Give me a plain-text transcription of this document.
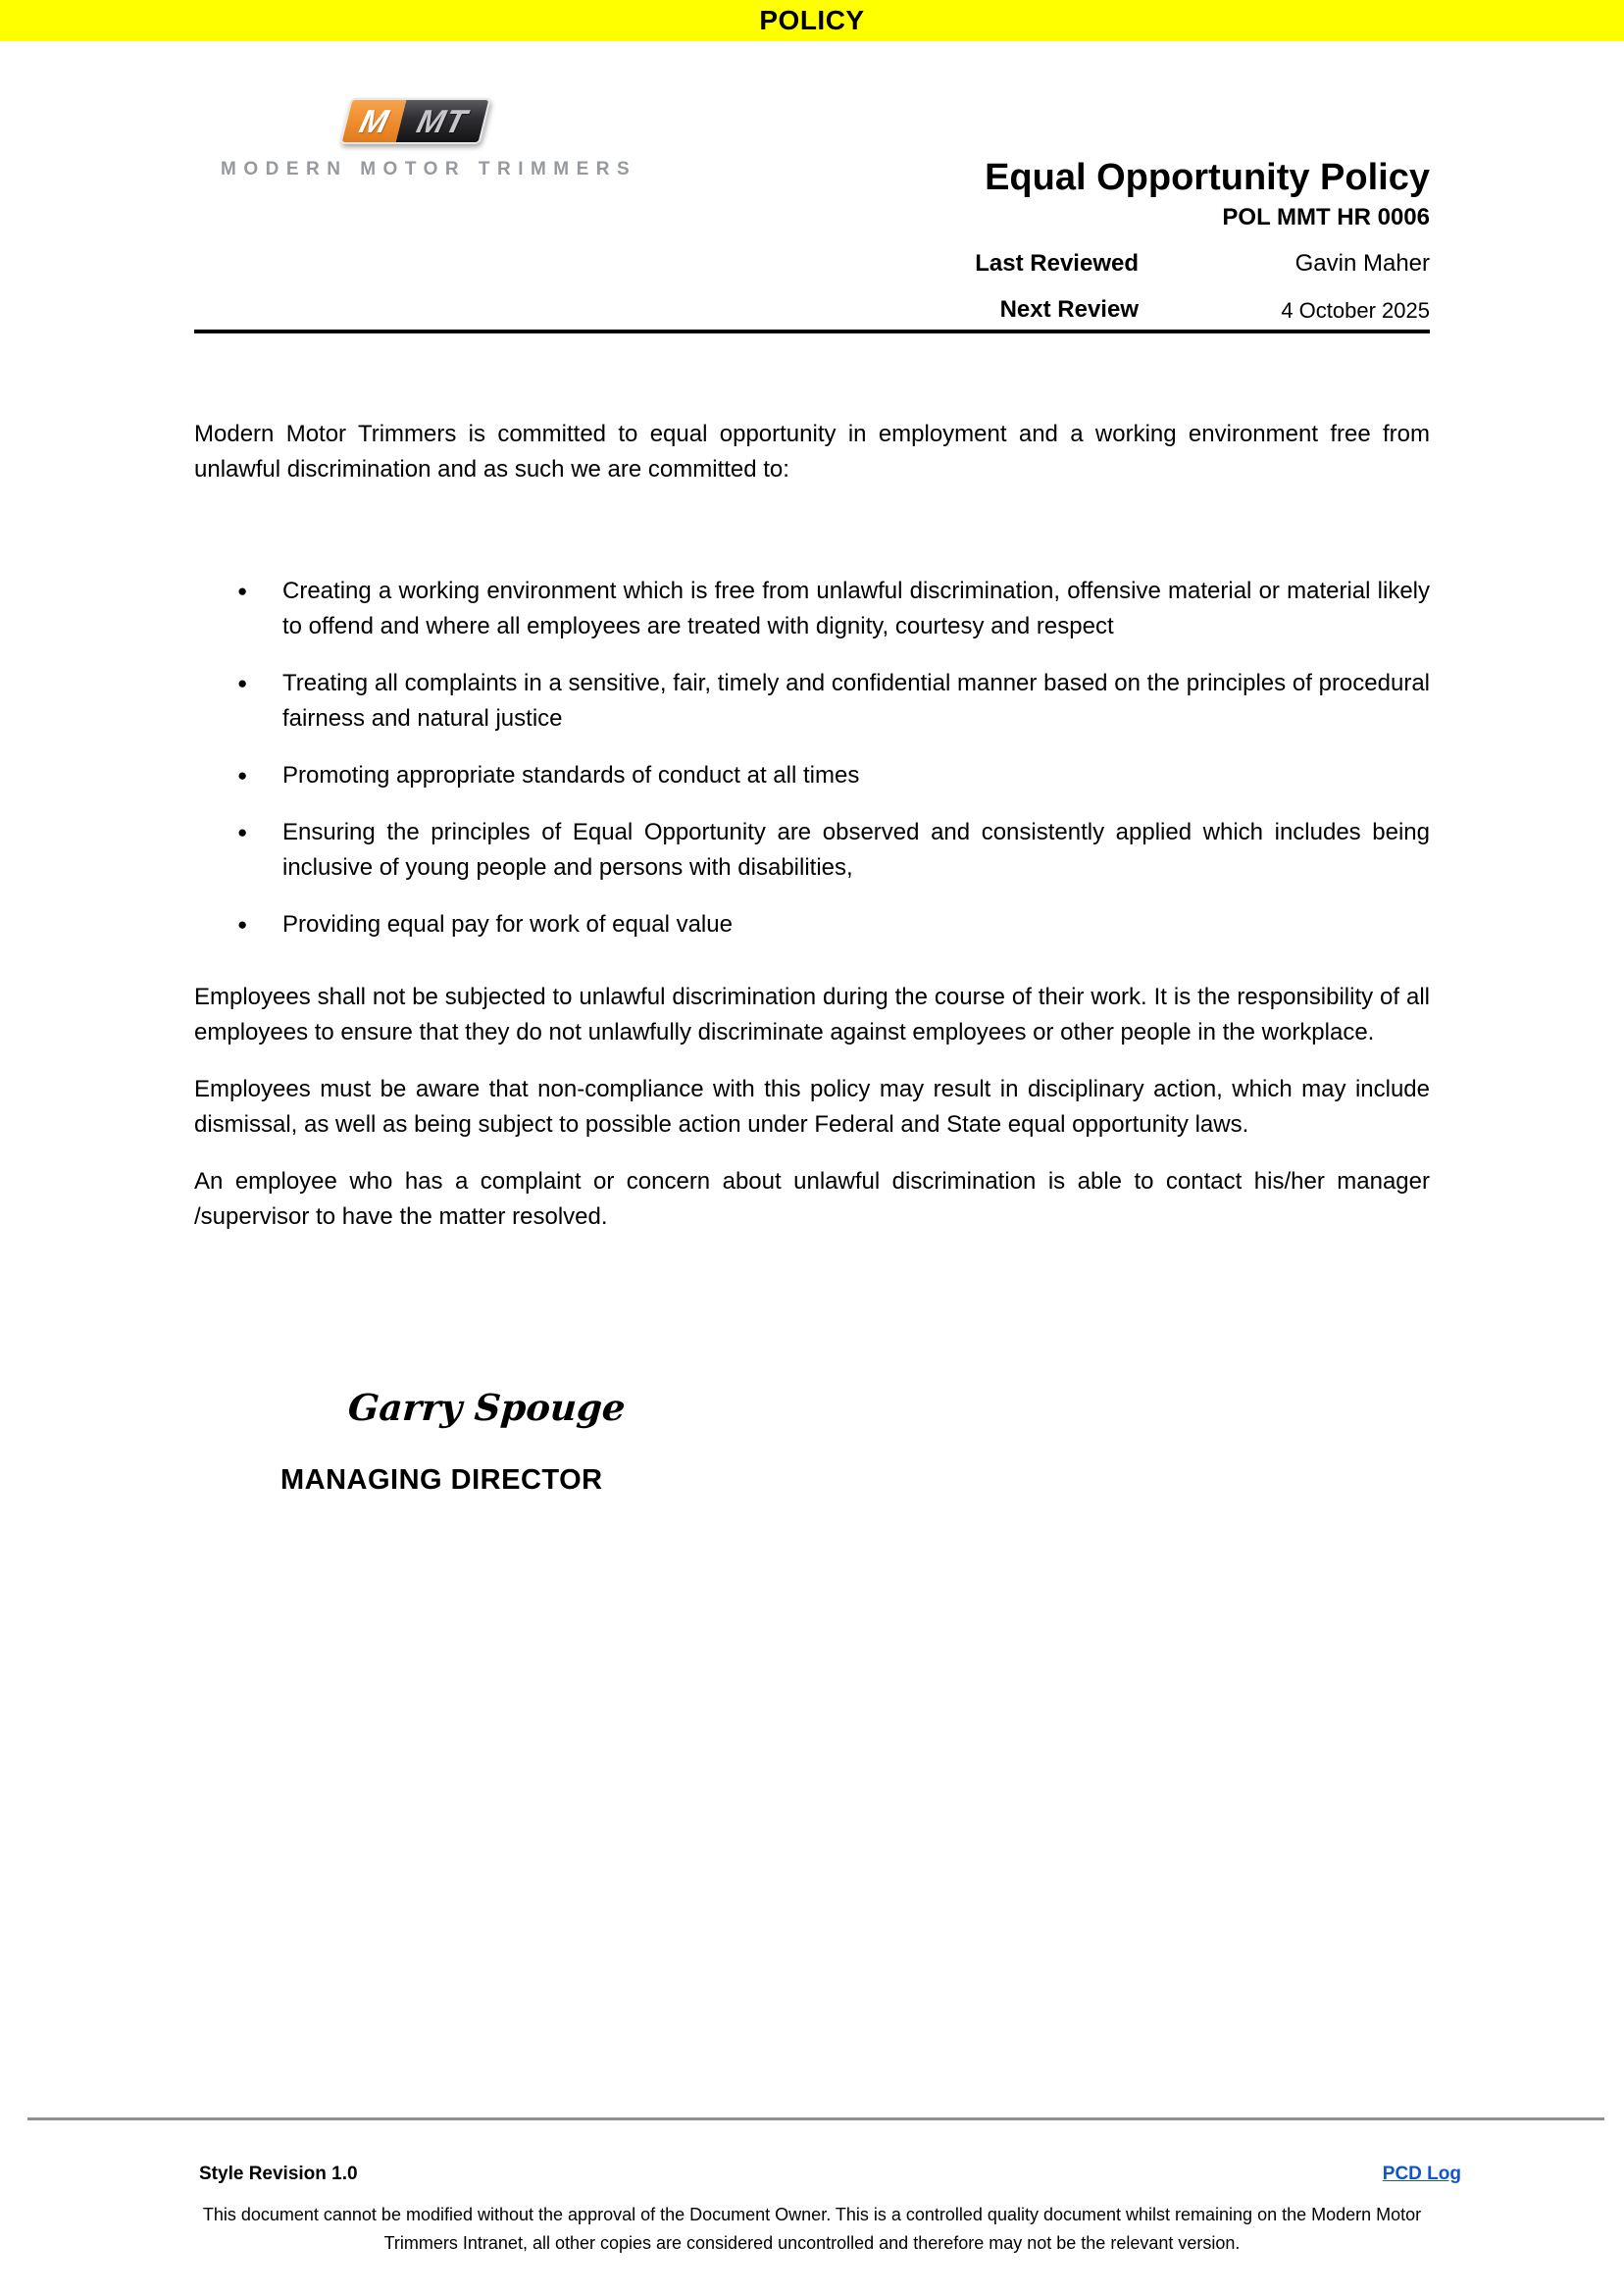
POLICY
M MT
MODERN MOTOR TRIMMERS	Equal Opportunity Policy
POL MMT HR 0006
Last Reviewed	Gavin Maher
Next Review	4 October 2025

Modern Motor Trimmers is committed to equal opportunity in employment and a working environment free from unlawful discrimination and as such we are committed to:

● Creating a working environment which is free from unlawful discrimination, offensive material or material likely to offend and where all employees are treated with dignity, courtesy and respect
● Treating all complaints in a sensitive, fair, timely and confidential manner based on the principles of procedural fairness and natural justice
● Promoting appropriate standards of conduct at all times
● Ensuring the principles of Equal Opportunity are observed and consistently applied which includes being inclusive of young people and persons with disabilities,
● Providing equal pay for work of equal value

Employees shall not be subjected to unlawful discrimination during the course of their work. It is the responsibility of all employees to ensure that they do not unlawfully discriminate against employees or other people in the workplace.

Employees must be aware that non-compliance with this policy may result in disciplinary action, which may include dismissal, as well as being subject to possible action under Federal and State equal opportunity laws.

An employee who has a complaint or concern about unlawful discrimination is able to contact his/her manager /supervisor to have the matter resolved.

Garry Spouge
MANAGING DIRECTOR
Style Revision 1.0	PCD Log
This document cannot be modified without the approval of the Document Owner. This is a controlled quality document whilst remaining on the Modern Motor Trimmers Intranet, all other copies are considered uncontrolled and therefore may not be the relevant version.
